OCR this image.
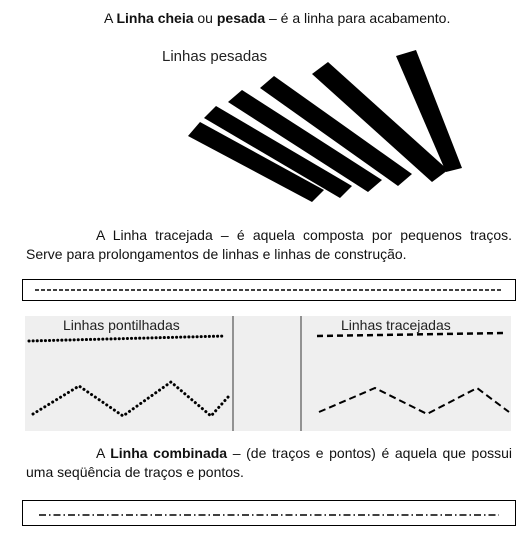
A Linha cheia ou pesada – é a linha para acabamento.
Linhas pesadas
A Linha tracejada – é aquela composta por pequenos traços. Serve para prolongamentos de linhas e linhas de construção.
Linhas pontilhadas	Linhas tracejadas
A Linha combinada – (de traços e pontos) é aquela que possui uma seqüência de traços e pontos.
